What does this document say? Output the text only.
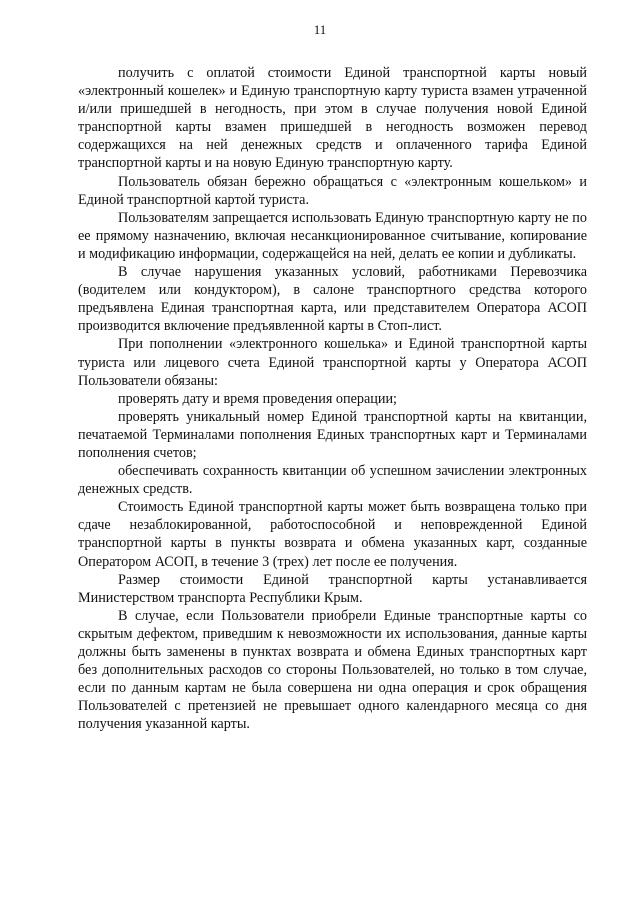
11

получить с оплатой стоимости Единой транспортной карты новый «электронный кошелек» и Единую транспортную карту туриста взамен утраченной и/или пришедшей в негодность, при этом в случае получения новой Единой транспортной карты взамен пришедшей в негодность возможен перевод содержащихся на ней денежных средств и оплаченного тарифа Единой транспортной карты и на новую Единую транспортную карту.

Пользователь обязан бережно обращаться с «электронным кошельком» и Единой транспортной картой туриста.

Пользователям запрещается использовать Единую транспортную карту не по ее прямому назначению, включая несанкционированное считывание, копирование и модификацию информации, содержащейся на ней, делать ее копии и дубликаты.

В случае нарушения указанных условий, работниками Перевозчика (водителем или кондуктором), в салоне транспортного средства которого предъявлена Единая транспортная карта, или представителем Оператора АСОП производится включение предъявленной карты в Стоп-лист.

При пополнении «электронного кошелька» и Единой транспортной карты туриста или лицевого счета Единой транспортной карты у Оператора АСОП Пользователи обязаны:

проверять дату и время проведения операции;

проверять уникальный номер Единой транспортной карты на квитанции, печатаемой Терминалами пополнения Единых транспортных карт и Терминалами пополнения счетов;

обеспечивать сохранность квитанции об успешном зачислении электронных денежных средств.

Стоимость Единой транспортной карты может быть возвращена только при сдаче незаблокированной, работоспособной и неповрежденной Единой транспортной карты в пункты возврата и обмена указанных карт, созданные Оператором АСОП, в течение 3 (трех) лет после ее получения.

Размер стоимости Единой транспортной карты устанавливается Министерством транспорта Республики Крым.

В случае, если Пользователи приобрели Единые транспортные карты со скрытым дефектом, приведшим к невозможности их использования, данные карты должны быть заменены в пунктах возврата и обмена Единых транспортных карт без дополнительных расходов со стороны Пользователей, но только в том случае, если по данным картам не была совершена ни одна операция и срок обращения Пользователей с претензией не превышает одного календарного месяца со дня получения указанной карты.
